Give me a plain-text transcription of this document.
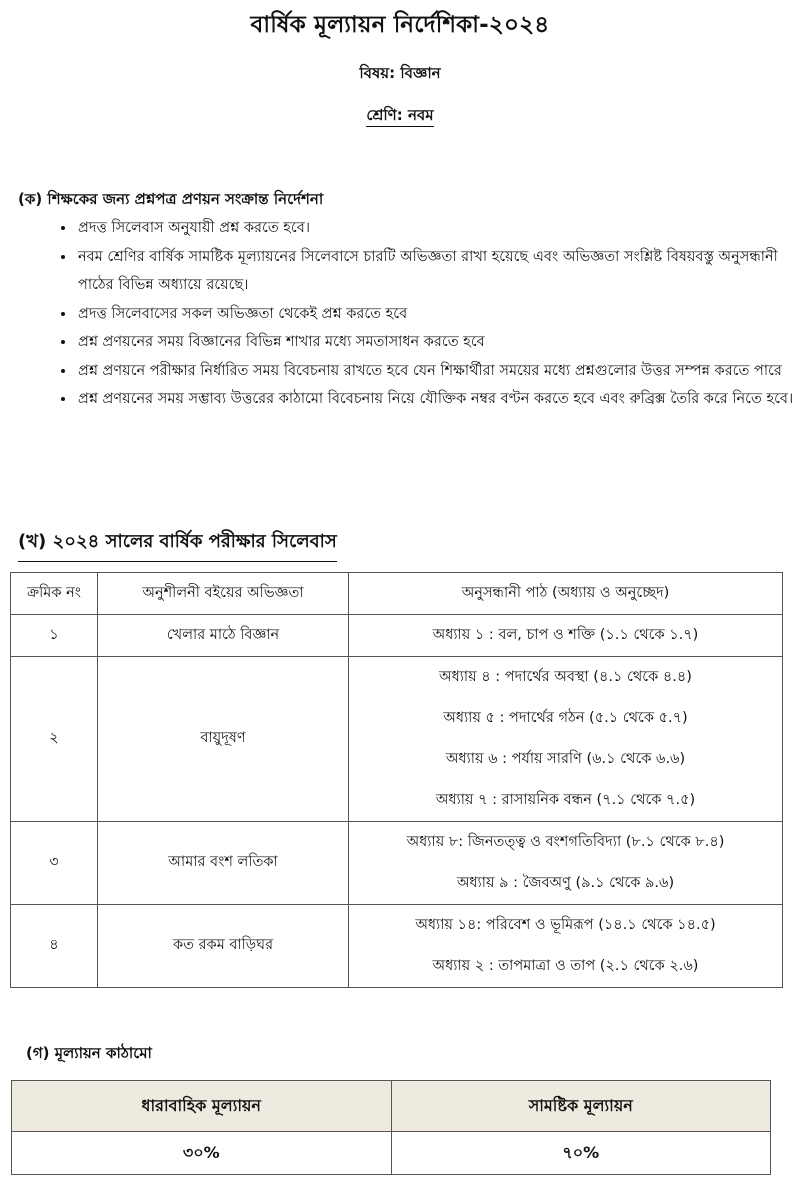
বার্ষিক মূল্যায়ন নির্দেশিকা-২০২৪
বিষয়: বিজ্ঞান
শ্রেণি: নবম
(ক) শিক্ষকের জন্য প্রশ্নপত্র প্রণয়ন সংক্রান্ত নির্দেশনা
• প্রদত্ত সিলেবাস অনুযায়ী প্রশ্ন করতে হবে।
• নবম শ্রেণির বার্ষিক সামষ্টিক মূল্যায়নের সিলেবাসে চারটি অভিজ্ঞতা রাখা হয়েছে এবং অভিজ্ঞতা সংশ্লিষ্ট বিষয়বস্তু অনুসন্ধানী পাঠের বিভিন্ন অধ্যায়ে রয়েছে।
• প্রদত্ত সিলেবাসের সকল অভিজ্ঞতা থেকেই প্রশ্ন করতে হবে
• প্রশ্ন প্রণয়নের সময় বিজ্ঞানের বিভিন্ন শাখার মধ্যে সমতাসাধন করতে হবে
• প্রশ্ন প্রণয়নে পরীক্ষার নির্ধারিত সময় বিবেচনায় রাখতে হবে যেন শিক্ষার্থীরা সময়ের মধ্যে প্রশ্নগুলোর উত্তর সম্পন্ন করতে পারে
• প্রশ্ন প্রণয়নের সময় সম্ভাব্য উত্তরের কাঠামো বিবেচনায় নিয়ে যৌক্তিক নম্বর বণ্টন করতে হবে এবং রুব্রিক্স তৈরি করে নিতে হবে।
(খ) ২০২৪ সালের বার্ষিক পরীক্ষার সিলেবাস
ক্রমিক নং	অনুশীলনী বইয়ের অভিজ্ঞতা	অনুসন্ধানী পাঠ (অধ্যায় ও অনুচ্ছেদ)
১	খেলার মাঠে বিজ্ঞান	অধ্যায় ১ : বল, চাপ ও শক্তি (১.১ থেকে ১.৭)

২	বায়ুদূষণ	অধ্যায় ৪ : পদার্থের অবস্থা (৪.১ থেকে ৪.৪)
অধ্যায় ৫ : পদার্থের গঠন (৫.১ থেকে ৫.৭)
অধ্যায় ৬ : পর্যায় সারণি (৬.১ থেকে ৬.৬)
অধ্যায় ৭ : রাসায়নিক বন্ধন (৭.১ থেকে ৭.৫)

৩	আমার বংশ লতিকা	অধ্যায় ৮: জিনতত্ত্ব ও বংশগতিবিদ্যা (৮.১ থেকে ৮.৪)
অধ্যায় ৯ : জৈবঅণু (৯.১ থেকে ৯.৬)

৪	কত রকম বাড়িঘর	অধ্যায় ১৪: পরিবেশ ও ভূমিরূপ (১৪.১ থেকে ১৪.৫)
অধ্যায় ২ : তাপমাত্রা ও তাপ (২.১ থেকে ২.৬)
(গ) মূল্যায়ন কাঠামো
ধারাবাহিক মূল্যায়ন	সামষ্টিক মূল্যায়ন
৩০%	৭০%
